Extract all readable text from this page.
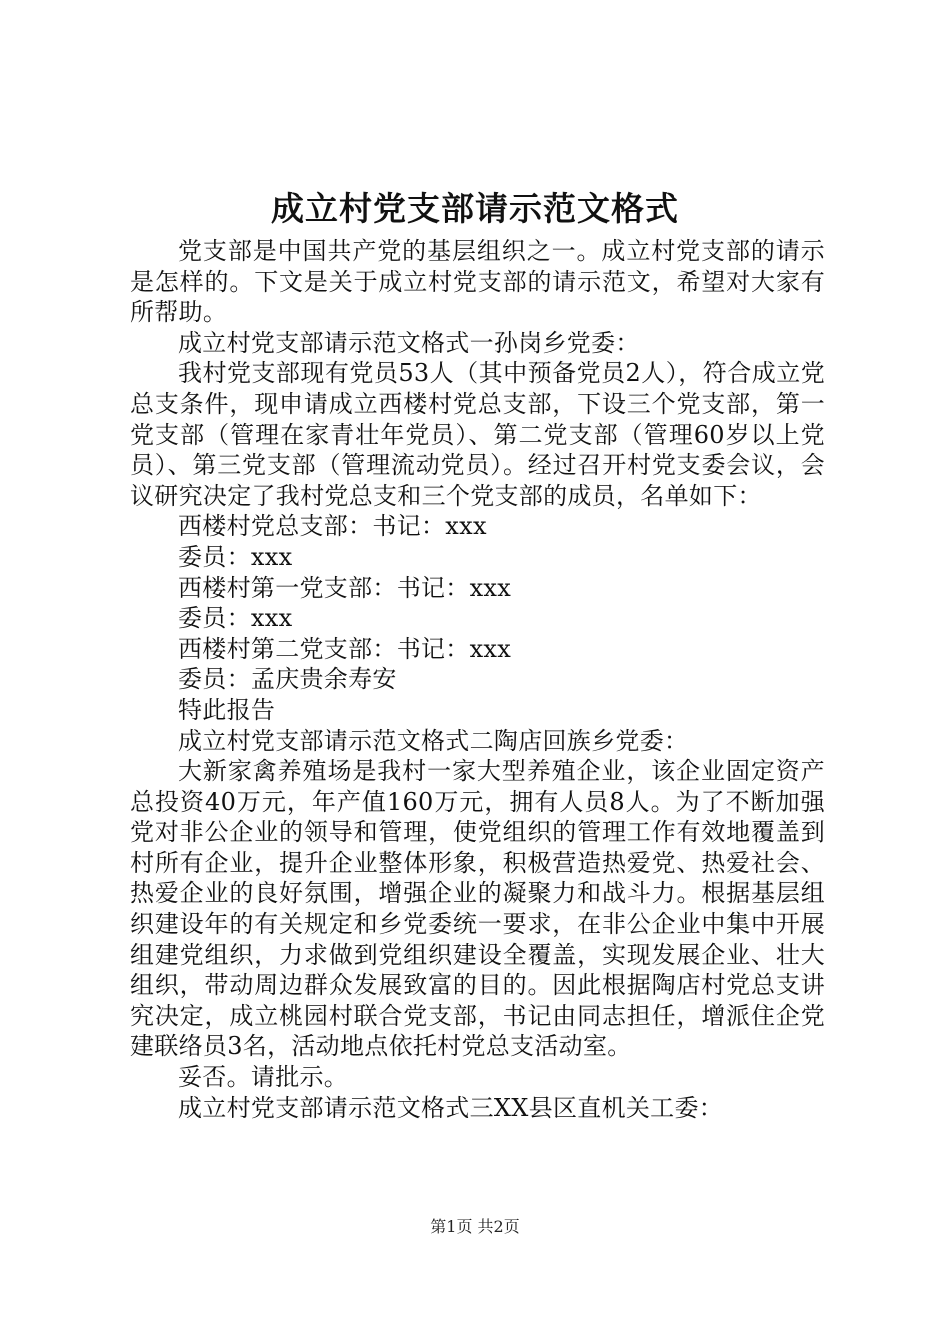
成立村党支部请示范文格式

党支部是中国共产党的基层组织之一。成立村党支部的请示是怎样的。下文是关于成立村党支部的请示范文，希望对大家有所帮助。

成立村党支部请示范文格式一孙岗乡党委：

我村党支部现有党员53人（其中预备党员2人），符合成立党总支条件，现申请成立西楼村党总支部，下设三个党支部，第一党支部（管理在家青壮年党员）、第二党支部（管理60岁以上党员）、第三党支部（管理流动党员）。经过召开村党支委会议，会议研究决定了我村党总支和三个党支部的成员，名单如下：

西楼村党总支部：书记：xxx

委员：xxx

西楼村第一党支部：书记：xxx

委员：xxx

西楼村第二党支部：书记：xxx

委员：孟庆贵余寿安

特此报告

成立村党支部请示范文格式二陶店回族乡党委：

大新家禽养殖场是我村一家大型养殖企业，该企业固定资产总投资40万元，年产值160万元，拥有人员8人。为了不断加强党对非公企业的领导和管理，使党组织的管理工作有效地覆盖到村所有企业，提升企业整体形象，积极营造热爱党、热爱社会、热爱企业的良好氛围，增强企业的凝聚力和战斗力。根据基层组织建设年的有关规定和乡党委统一要求，在非公企业中集中开展组建党组织，力求做到党组织建设全覆盖，实现发展企业、壮大组织，带动周边群众发展致富的目的。因此根据陶店村党总支讲究决定，成立桃园村联合党支部，书记由同志担任，增派住企党建联络员3名，活动地点依托村党总支活动室。

妥否。请批示。

成立村党支部请示范文格式三XX县区直机关工委：

第1页 共2页
